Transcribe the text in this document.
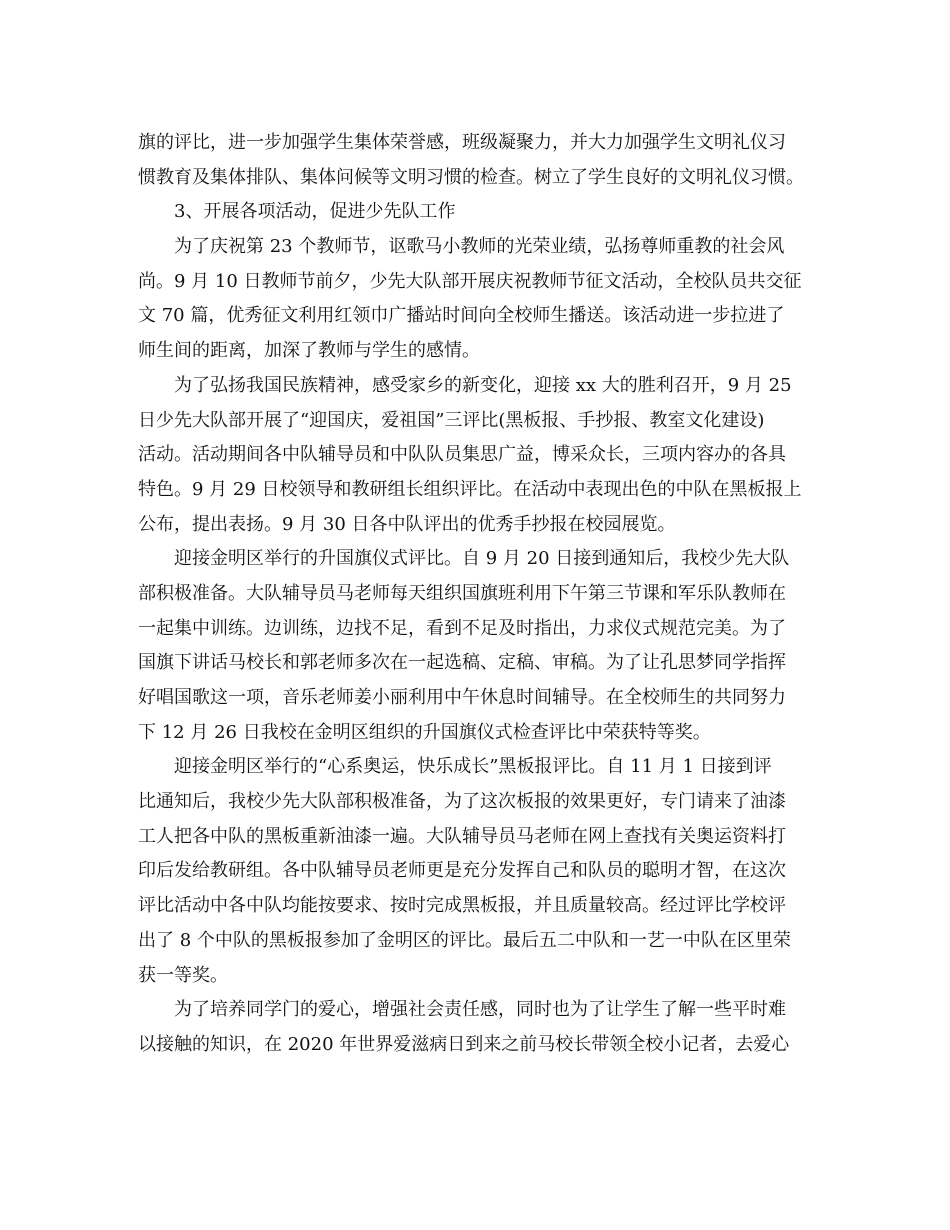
旗的评比，进一步加强学生集体荣誉感，班级凝聚力，并大力加强学生文明礼仪习
惯教育及集体排队、集体问候等文明习惯的检查。树立了学生良好的文明礼仪习惯。
3、开展各项活动，促进少先队工作
为了庆祝第 23 个教师节，讴歌马小教师的光荣业绩，弘扬尊师重教的社会风
尚。9 月 10 日教师节前夕，少先大队部开展庆祝教师节征文活动，全校队员共交征
文 70 篇，优秀征文利用红领巾广播站时间向全校师生播送。该活动进一步拉进了
师生间的距离，加深了教师与学生的感情。
为了弘扬我国民族精神，感受家乡的新变化，迎接 xx 大的胜利召开，9 月 25
日少先大队部开展了“迎国庆，爱祖国”三评比(黑板报、手抄报、教室文化建设)
活动。活动期间各中队辅导员和中队队员集思广益，博采众长，三项内容办的各具
特色。9 月 29 日校领导和教研组长组织评比。在活动中表现出色的中队在黑板报上
公布，提出表扬。9 月 30 日各中队评出的优秀手抄报在校园展览。
迎接金明区举行的升国旗仪式评比。自 9 月 20 日接到通知后，我校少先大队
部积极准备。大队辅导员马老师每天组织国旗班利用下午第三节课和军乐队教师在
一起集中训练。边训练，边找不足，看到不足及时指出，力求仪式规范完美。为了
国旗下讲话马校长和郭老师多次在一起选稿、定稿、审稿。为了让孔思梦同学指挥
好唱国歌这一项，音乐老师姜小丽利用中午休息时间辅导。在全校师生的共同努力
下 12 月 26 日我校在金明区组织的升国旗仪式检查评比中荣获特等奖。
迎接金明区举行的“心系奥运，快乐成长”黑板报评比。自 11 月 1 日接到评
比通知后，我校少先大队部积极准备，为了这次板报的效果更好，专门请来了油漆
工人把各中队的黑板重新油漆一遍。大队辅导员马老师在网上查找有关奥运资料打
印后发给教研组。各中队辅导员老师更是充分发挥自己和队员的聪明才智，在这次
评比活动中各中队均能按要求、按时完成黑板报，并且质量较高。经过评比学校评
出了 8 个中队的黑板报参加了金明区的评比。最后五二中队和一艺一中队在区里荣
获一等奖。
为了培养同学门的爱心，增强社会责任感，同时也为了让学生了解一些平时难
以接触的知识，在 2020 年世界爱滋病日到来之前马校长带领全校小记者，去爱心
